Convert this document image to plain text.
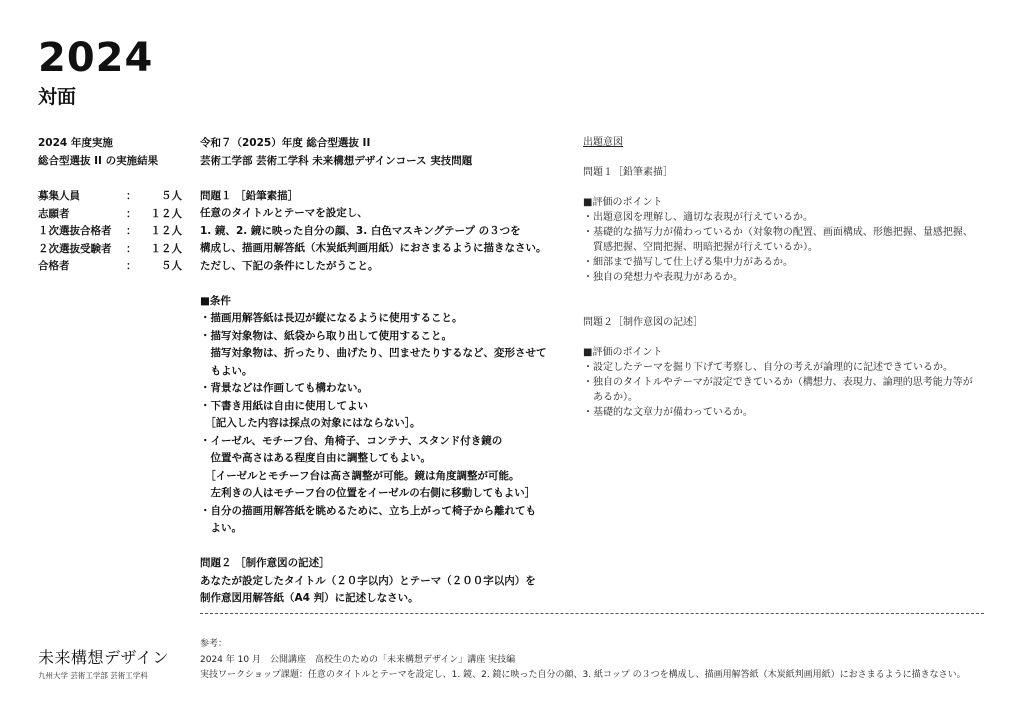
2024
対面
2024 年度実施
総合型選抜 II の実施結果
募集人員	：	５人
志願者	：	１２人
１次選抜合格者	：	１２人
２次選抜受験者	：	１２人
合格者	：	５人
令和７（2025）年度 総合型選抜 II
芸術工学部 芸術工学科 未来構想デザインコース 実技問題

問題１ ［鉛筆素描］
任意のタイトルとテーマを設定し、
1. 鏡、2. 鏡に映った自分の顔、3. 白色マスキングテープ の３つを
構成し、描画用解答紙（木炭紙判画用紙）におさまるように描きなさい。
ただし、下記の条件にしたがうこと。

■条件
・描画用解答紙は長辺が縦になるように使用すること。
・描写対象物は、紙袋から取り出して使用すること。
　描写対象物は、折ったり、曲げたり、凹ませたりするなど、変形させて
　もよい。
・背景などは作画しても構わない。
・下書き用紙は自由に使用してよい
　［記入した内容は採点の対象にはならない］。
・イーゼル、モチーフ台、角椅子、コンテナ、スタンド付き鏡の
　位置や高さはある程度自由に調整してもよい。
　［イーゼルとモチーフ台は高さ調整が可能。鏡は角度調整が可能。
　左利きの人はモチーフ台の位置をイーゼルの右側に移動してもよい］
・自分の描画用解答紙を眺めるために、立ち上がって椅子から離れても
　よい。

問題２ ［制作意図の記述］
あなたが設定したタイトル（２０字以内）とテーマ（２００字以内）を
制作意図用解答紙（A4 判）に記述しなさい。
出題意図

問題１［鉛筆素描］

■評価のポイント
・出題意図を理解し、適切な表現が行えているか。
・基礎的な描写力が備わっているか（対象物の配置、画面構成、形態把握、量感把握、
　質感把握、空間把握、明暗把握が行えているか）。
・細部まで描写して仕上げる集中力があるか。
・独自の発想力や表現力があるか。

問題２［制作意図の記述］

■評価のポイント
・設定したテーマを掘り下げて考察し、自分の考えが論理的に記述できているか。
・独自のタイトルやテーマが設定できているか（構想力、表現力、論理的思考能力等が
　あるか）。
・基礎的な文章力が備わっているか。
未来構想デザイン
九州大学 芸術工学部 芸術工学科
参考：
2024 年 10 月　公開講座　高校生のための「未来構想デザイン」講座 実技編
実技ワークショップ課題：任意のタイトルとテーマを設定し、1. 鏡、2. 鏡に映った自分の顔、3. 紙コップ の３つを構成し、描画用解答紙（木炭紙判画用紙）におさまるように描きなさい。
